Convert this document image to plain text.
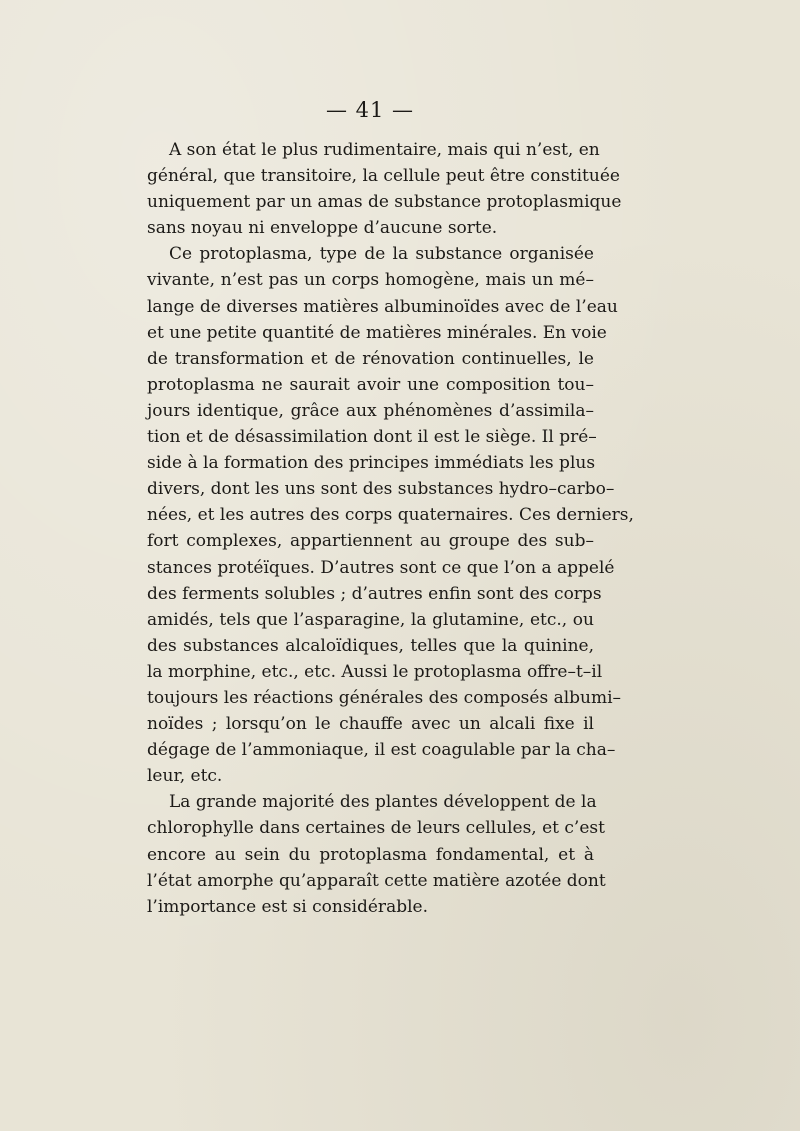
— 41 —
A son état le plus rudimentaire, mais qui n’est, en
général, que transitoire, la cellule peut être constituée
uniquement par un amas de substance protoplasmique
sans noyau ni enveloppe d’aucune sorte.
Ce protoplasma, type de la substance organisée
vivante, n’est pas un corps homogène, mais un mé–
lange de diverses matières albuminoïdes avec de l’eau
et une petite quantité de matières minérales. En voie
de transformation et de rénovation continuelles, le
protoplasma ne saurait avoir une composition tou–
jours identique, grâce aux phénomènes d’assimila–
tion et de désassimilation dont il est le siège. Il pré–
side à la formation des principes immédiats les plus
divers, dont les uns sont des substances hydro–carbo–
nées, et les autres des corps quaternaires. Ces derniers,
fort complexes, appartiennent au groupe des sub–
stances protéïques. D’autres sont ce que l’on a appelé
des ferments solubles ; d’autres enfin sont des corps
amidés, tels que l’asparagine, la glutamine, etc., ou
des substances alcaloïdiques, telles que la quinine,
la morphine, etc., etc. Aussi le protoplasma offre–t–il
toujours les réactions générales des composés albumi–
noïdes ; lorsqu’on le chauffe avec un alcali fixe il
dégage de l’ammoniaque, il est coagulable par la cha–
leur, etc.
La grande majorité des plantes développent de la
chlorophylle dans certaines de leurs cellules, et c’est
encore au sein du protoplasma fondamental, et à
l’état amorphe qu’apparaît cette matière azotée dont
l’importance est si considérable.
